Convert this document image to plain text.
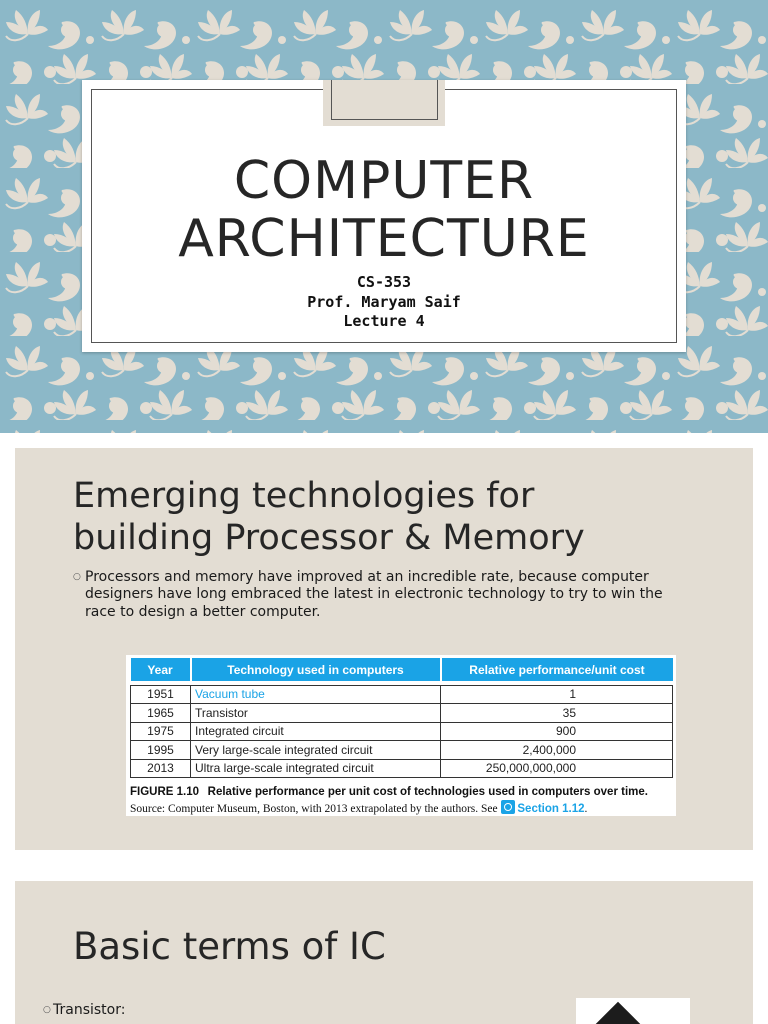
COMPUTER
ARCHITECTURE
CS-353
Prof. Maryam Saif
Lecture 4
Emerging technologies for
building Processor & Memory
○ Processors and memory have improved at an incredible rate, because computer designers have long embraced the latest in electronic technology to try to win the race to design a better computer.
Year	Technology used in computers	Relative performance/unit cost

1951	Vacuum tube	1
1965	Transistor	35
1975	Integrated circuit	900
1995	Very large-scale integrated circuit	2,400,000
2013	Ultra large-scale integrated circuit	250,000,000,000
FIGURE 1.10 Relative performance per unit cost of technologies used in computers over time. Source: Computer Museum, Boston, with 2013 extrapolated by the authors. See Section 1.12.
Basic terms of IC
○ Transistor:
